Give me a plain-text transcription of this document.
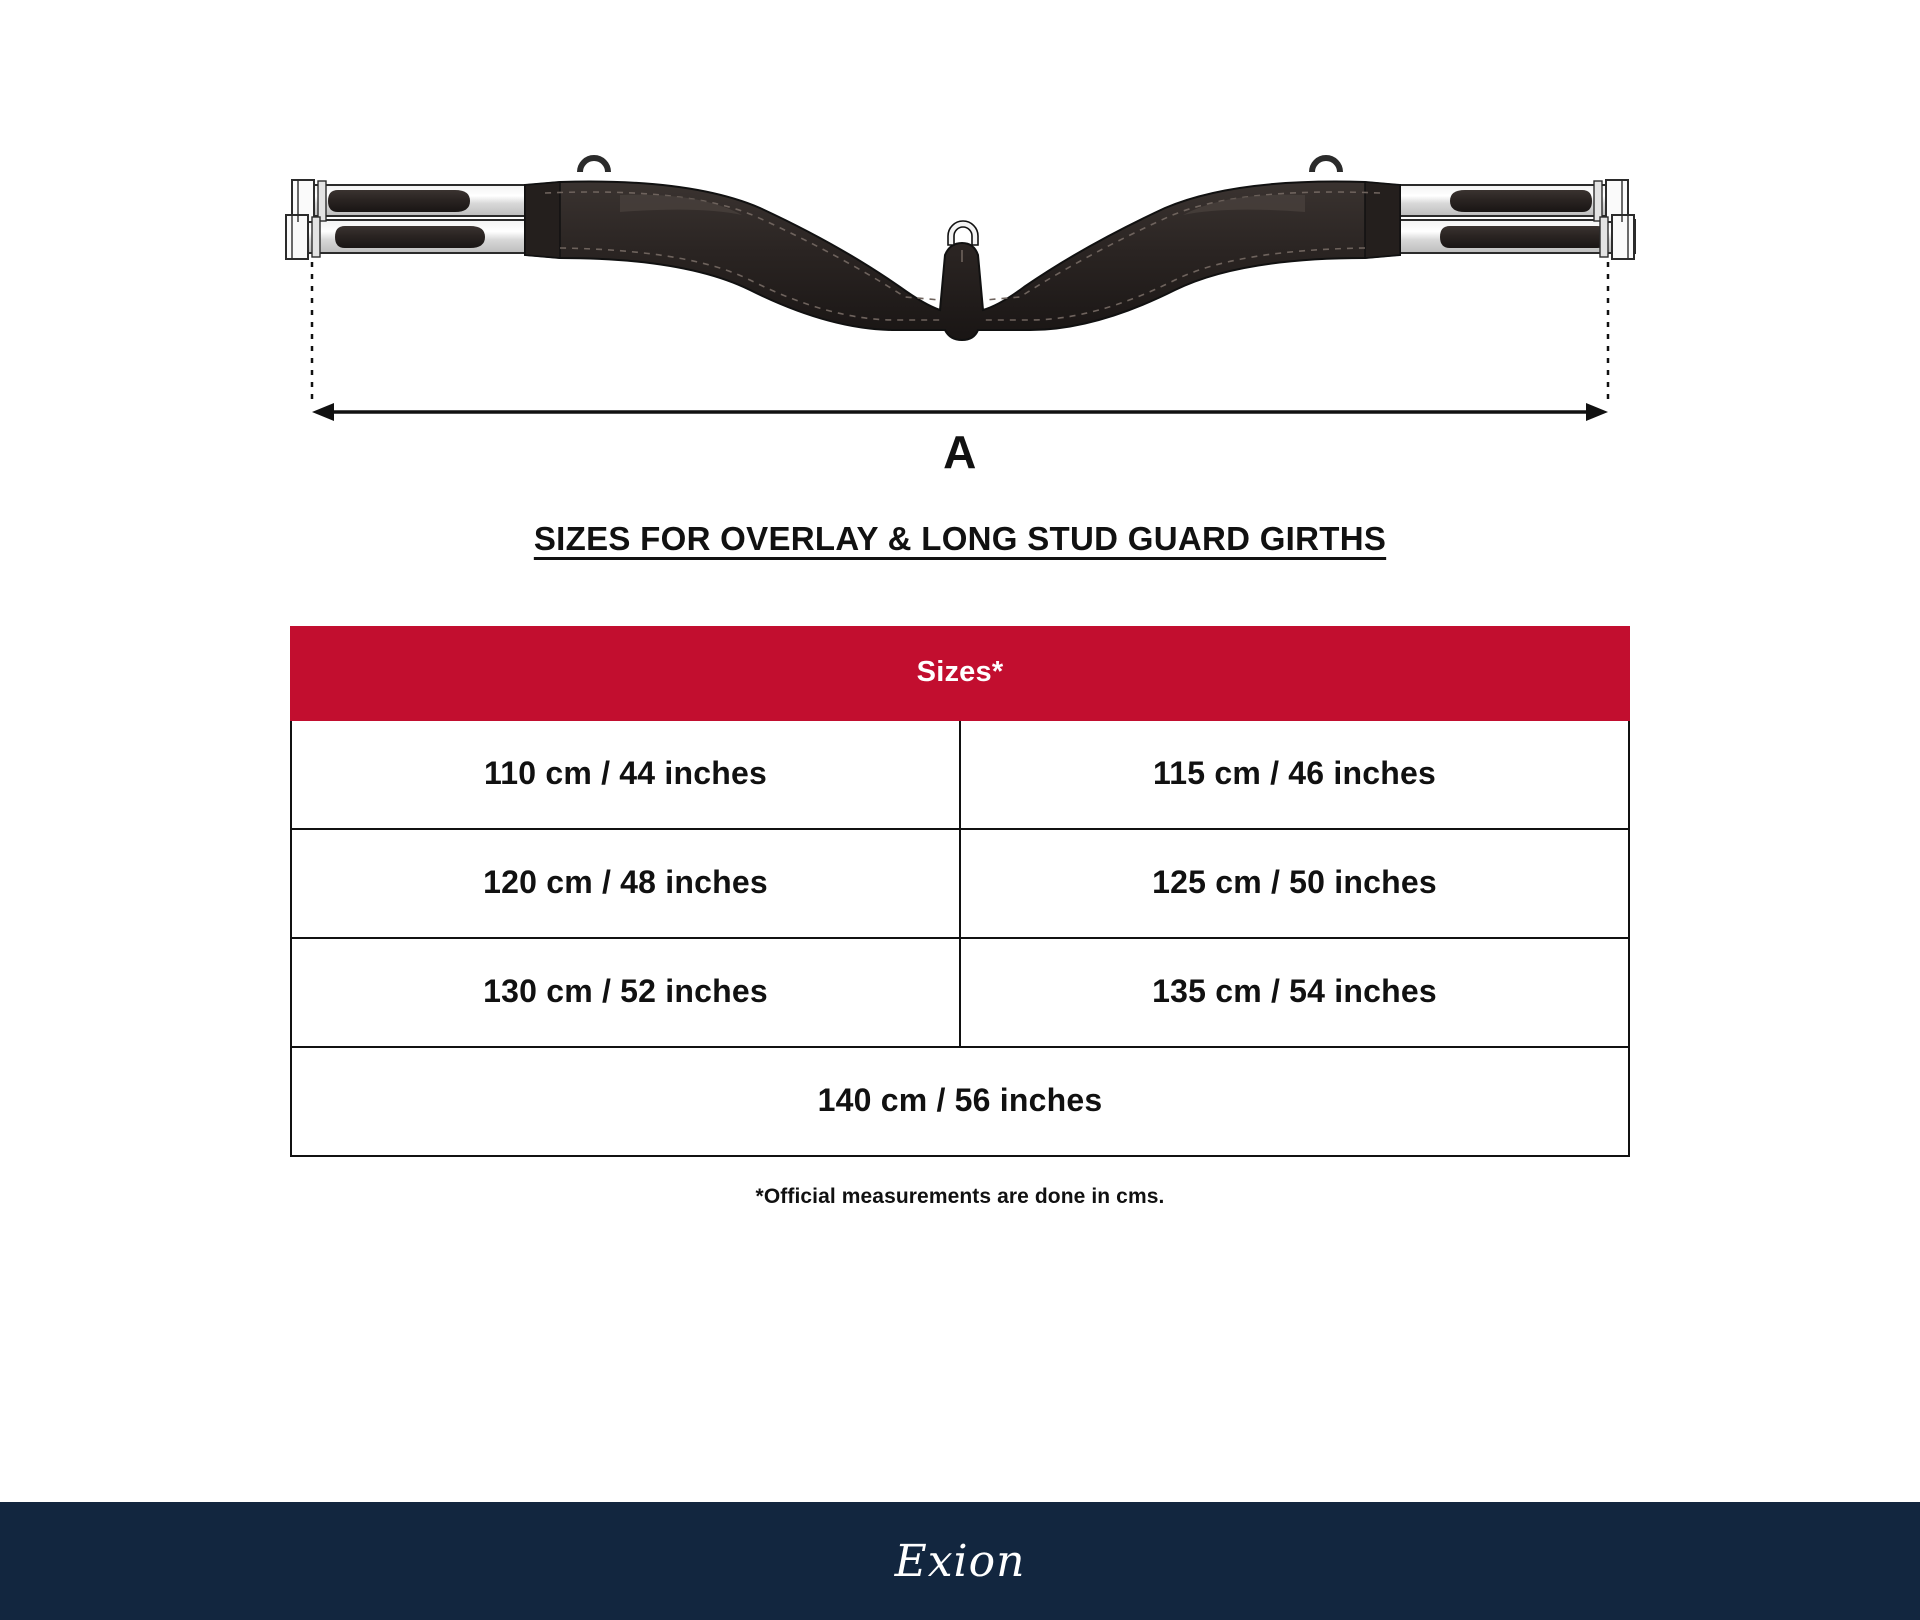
A
SIZES FOR OVERLAY & LONG STUD GUARD GIRTHS
Sizes*	
110 cm / 44 inches	115 cm / 46 inches
120 cm / 48 inches	125 cm / 50 inches
130 cm / 52 inches	135 cm / 54 inches
140 cm / 56 inches	
*Official measurements are done in cms.
Exion
